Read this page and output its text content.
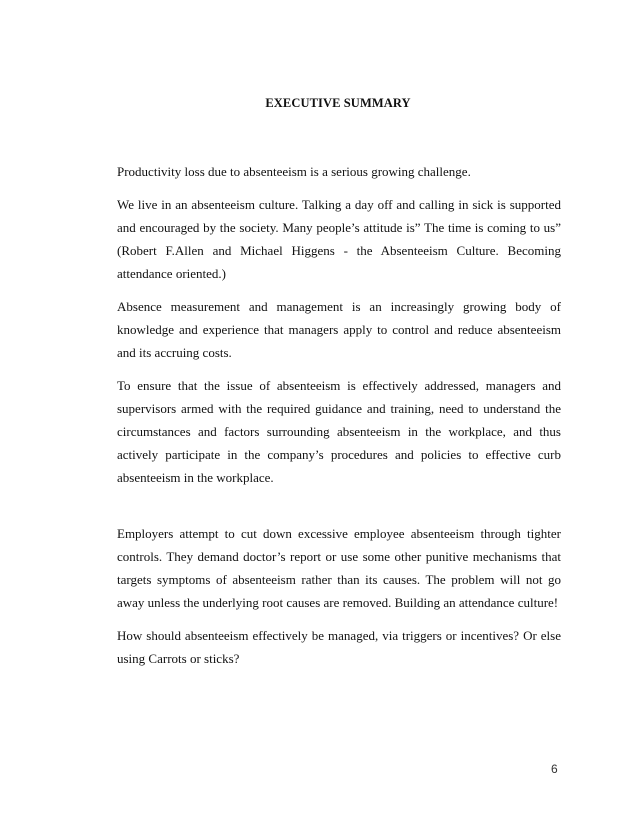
EXECUTIVE SUMMARY

Productivity loss due to absenteeism is a serious growing challenge.

We live in an absenteeism culture. Talking a day off and calling in sick is supported and encouraged by the society. Many people’s attitude is” The time is coming to us” (Robert F.Allen and Michael Higgens - the Absenteeism Culture. Becoming attendance oriented.)

Absence measurement and management is an increasingly growing body of knowledge and experience that managers apply to control and reduce absenteeism and its accruing costs.

To ensure that the issue of absenteeism is effectively addressed, managers and supervisors armed with the required guidance and training, need to understand the circumstances and factors surrounding absenteeism in the workplace, and thus actively participate in the company’s procedures and policies to effective curb absenteeism in the workplace.

Employers attempt to cut down excessive employee absenteeism through tighter controls. They demand doctor’s report or use some other punitive mechanisms that targets symptoms of absenteeism rather than its causes. The problem will not go away unless the underlying root causes are removed. Building an attendance culture!

How should absenteeism effectively be managed, via triggers or incentives? Or else using Carrots or sticks?

6
